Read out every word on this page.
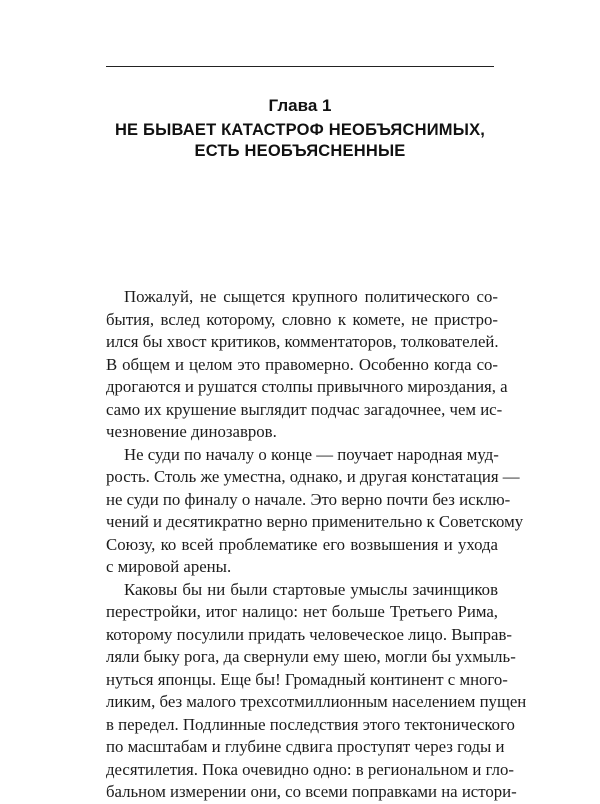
Глава 1
НЕ БЫВАЕТ КАТАСТРОФ НЕОБЪЯСНИМЫХ,
ЕСТЬ НЕОБЪЯСНЕННЫЕ
Пожалуй, не сыщется крупного политического со-
бытия, вслед которому, словно к комете, не пристро-
ился бы хвост критиков, комментаторов, толкователей.
В общем и целом это правомерно. Особенно когда со-
дрогаются и рушатся столпы привычного мироздания, а
само их крушение выглядит подчас загадочнее, чем ис-
чезновение динозавров.
Не суди по началу о конце — поучает народная муд-
рость. Столь же уместна, однако, и другая констатация —
не суди по финалу о начале. Это верно почти без исклю-
чений и десятикратно верно применительно к Советскому
Союзу, ко всей проблематике его возвышения и ухода
с мировой арены.
Каковы бы ни были стартовые умыслы зачинщиков
перестройки, итог налицо: нет больше Третьего Рима,
которому посулили придать человеческое лицо. Выправ-
ляли быку рога, да свернули ему шею, могли бы ухмыль-
нуться японцы. Еще бы! Громадный континент с много-
ликим, без малого трехсотмиллионным населением пущен
в передел. Подлинные последствия этого тектонического
по масштабам и глубине сдвига проступят через годы и
десятилетия. Пока очевидно одно: в региональном и гло-
бальном измерении они, со всеми поправками на истори-
